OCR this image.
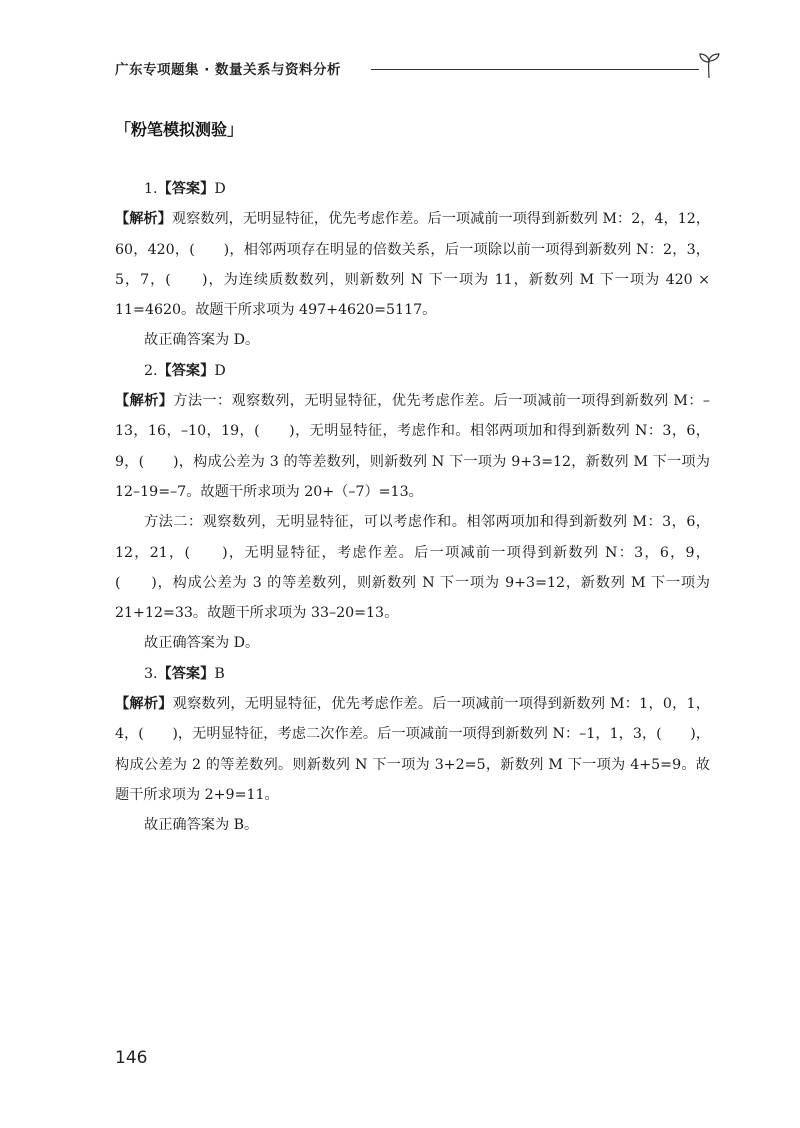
广东专项题集 · 数量关系与资料分析
「粉笔模拟测验」

1.【答案】D

【解析】观察数列，无明显特征，优先考虑作差。后一项减前一项得到新数列 M：2，4，12，60，420，(　　)，相邻两项存在明显的倍数关系，后一项除以前一项得到新数列 N：2，3，5，7，(　　)，为连续质数数列，则新数列 N 下一项为 11，新数列 M 下一项为 420 × 11=4620。故题干所求项为 497+4620=5117。

故正确答案为 D。

2.【答案】D

【解析】方法一：观察数列，无明显特征，优先考虑作差。后一项减前一项得到新数列 M：–13，16，–10，19，(　　)，无明显特征，考虑作和。相邻两项加和得到新数列 N：3，6，9，(　　)，构成公差为 3 的等差数列，则新数列 N 下一项为 9+3=12，新数列 M 下一项为 12–19=–7。故题干所求项为 20+（–7）=13。

方法二：观察数列，无明显特征，可以考虑作和。相邻两项加和得到新数列 M：3，6，12，21，(　　)，无明显特征，考虑作差。后一项减前一项得到新数列 N：3，6，9，(　　)，构成公差为 3 的等差数列，则新数列 N 下一项为 9+3=12，新数列 M 下一项为 21+12=33。故题干所求项为 33–20=13。

故正确答案为 D。

3.【答案】B

【解析】观察数列，无明显特征，优先考虑作差。后一项减前一项得到新数列 M：1，0，1，4，(　　)，无明显特征，考虑二次作差。后一项减前一项得到新数列 N：–1，1，3，(　　)，构成公差为 2 的等差数列。则新数列 N 下一项为 3+2=5，新数列 M 下一项为 4+5=9。故题干所求项为 2+9=11。

故正确答案为 B。

146
